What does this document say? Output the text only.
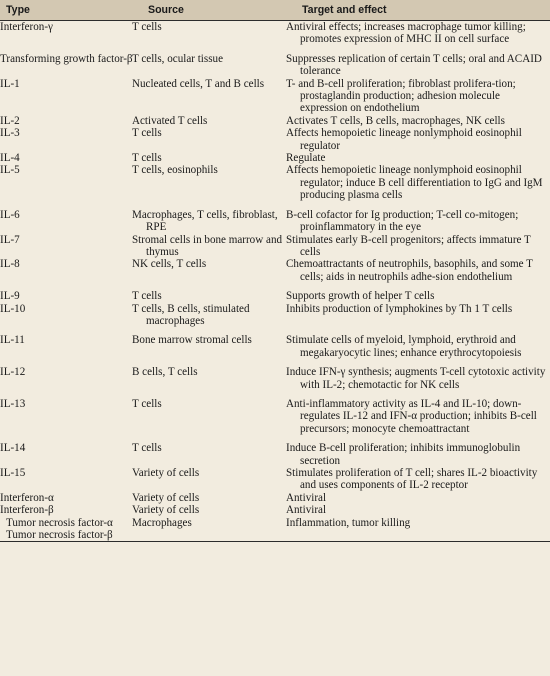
Type	Source	Target and effect
Interferon-γ	T cells	Antiviral effects; increases macrophage tumor killing; promotes expression of MHC II on cell surface
Transforming growth factor-β	T cells, ocular tissue	Suppresses replication of certain T cells; oral and ACAID tolerance
IL-1	Nucleated cells, T and B cells	T- and B-cell proliferation; fibroblast prolifera-tion; prostaglandin production; adhesion molecule expression on endothelium
IL-2	Activated T cells	Activates T cells, B cells, macrophages, NK cells
IL-3	T cells	Affects hemopoietic lineage nonlymphoid eosinophil regulator
IL-4	T cells	Regulate
IL-5	T cells, eosinophils	Affects hemopoietic lineage nonlymphoid eosinophil regulator; induce B cell differentiation to IgG and IgM producing plasma cells
IL-6	Macrophages, T cells, fibroblast, RPE	B-cell cofactor for Ig production; T-cell co-mitogen; proinflammatory in the eye
IL-7	Stromal cells in bone marrow and thymus	Stimulates early B-cell progenitors; affects immature T cells
IL-8	NK cells, T cells	Chemoattractants of neutrophils, basophils, and some T cells; aids in neutrophils adhe-sion endothelium
IL-9	T cells	Supports growth of helper T cells
IL-10	T cells, B cells, stimulated macrophages	Inhibits production of lymphokines by Th 1 T cells
IL-11	Bone marrow stromal cells	Stimulate cells of myeloid, lymphoid, erythroid and megakaryocytic lines; enhance erythrocytopoiesis
IL-12	B cells, T cells	Induce IFN-γ synthesis; augments T-cell cytotoxic activity with IL-2; chemotactic for NK cells
IL-13	T cells	Anti-inflammatory activity as IL-4 and IL-10; down-regulates IL-12 and IFN-α production; inhibits B-cell precursors; monocyte chemoattractant
IL-14	T cells	Induce B-cell proliferation; inhibits immunoglobulin secretion
IL-15	Variety of cells	Stimulates proliferation of T cell; shares IL-2 bioactivity and uses components of IL-2 receptor
Interferon-α	Variety of cells	Antiviral
Interferon-β	Variety of cells	Antiviral
Tumor necrosis factor-α Tumor necrosis factor-β	Macrophages	Inflammation, tumor killing
